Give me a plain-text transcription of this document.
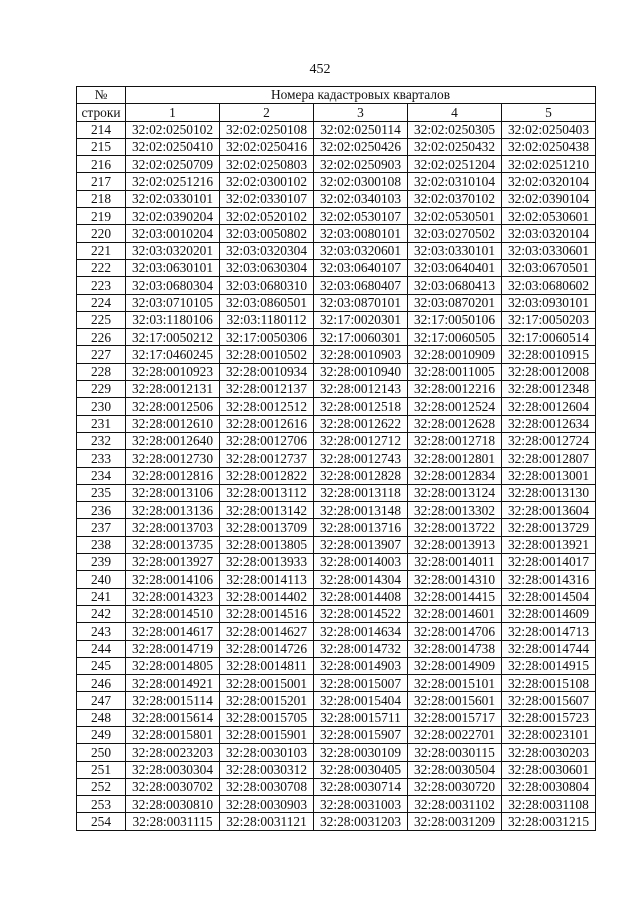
452
№	Номера кадастровых кварталов				
строки	1	2	3	4	5
214	32:02:0250102	32:02:0250108	32:02:0250114	32:02:0250305	32:02:0250403
215	32:02:0250410	32:02:0250416	32:02:0250426	32:02:0250432	32:02:0250438
216	32:02:0250709	32:02:0250803	32:02:0250903	32:02:0251204	32:02:0251210
217	32:02:0251216	32:02:0300102	32:02:0300108	32:02:0310104	32:02:0320104
218	32:02:0330101	32:02:0330107	32:02:0340103	32:02:0370102	32:02:0390104
219	32:02:0390204	32:02:0520102	32:02:0530107	32:02:0530501	32:02:0530601
220	32:03:0010204	32:03:0050802	32:03:0080101	32:03:0270502	32:03:0320104
221	32:03:0320201	32:03:0320304	32:03:0320601	32:03:0330101	32:03:0330601
222	32:03:0630101	32:03:0630304	32:03:0640107	32:03:0640401	32:03:0670501
223	32:03:0680304	32:03:0680310	32:03:0680407	32:03:0680413	32:03:0680602
224	32:03:0710105	32:03:0860501	32:03:0870101	32:03:0870201	32:03:0930101
225	32:03:1180106	32:03:1180112	32:17:0020301	32:17:0050106	32:17:0050203
226	32:17:0050212	32:17:0050306	32:17:0060301	32:17:0060505	32:17:0060514
227	32:17:0460245	32:28:0010502	32:28:0010903	32:28:0010909	32:28:0010915
228	32:28:0010923	32:28:0010934	32:28:0010940	32:28:0011005	32:28:0012008
229	32:28:0012131	32:28:0012137	32:28:0012143	32:28:0012216	32:28:0012348
230	32:28:0012506	32:28:0012512	32:28:0012518	32:28:0012524	32:28:0012604
231	32:28:0012610	32:28:0012616	32:28:0012622	32:28:0012628	32:28:0012634
232	32:28:0012640	32:28:0012706	32:28:0012712	32:28:0012718	32:28:0012724
233	32:28:0012730	32:28:0012737	32:28:0012743	32:28:0012801	32:28:0012807
234	32:28:0012816	32:28:0012822	32:28:0012828	32:28:0012834	32:28:0013001
235	32:28:0013106	32:28:0013112	32:28:0013118	32:28:0013124	32:28:0013130
236	32:28:0013136	32:28:0013142	32:28:0013148	32:28:0013302	32:28:0013604
237	32:28:0013703	32:28:0013709	32:28:0013716	32:28:0013722	32:28:0013729
238	32:28:0013735	32:28:0013805	32:28:0013907	32:28:0013913	32:28:0013921
239	32:28:0013927	32:28:0013933	32:28:0014003	32:28:0014011	32:28:0014017
240	32:28:0014106	32:28:0014113	32:28:0014304	32:28:0014310	32:28:0014316
241	32:28:0014323	32:28:0014402	32:28:0014408	32:28:0014415	32:28:0014504
242	32:28:0014510	32:28:0014516	32:28:0014522	32:28:0014601	32:28:0014609
243	32:28:0014617	32:28:0014627	32:28:0014634	32:28:0014706	32:28:0014713
244	32:28:0014719	32:28:0014726	32:28:0014732	32:28:0014738	32:28:0014744
245	32:28:0014805	32:28:0014811	32:28:0014903	32:28:0014909	32:28:0014915
246	32:28:0014921	32:28:0015001	32:28:0015007	32:28:0015101	32:28:0015108
247	32:28:0015114	32:28:0015201	32:28:0015404	32:28:0015601	32:28:0015607
248	32:28:0015614	32:28:0015705	32:28:0015711	32:28:0015717	32:28:0015723
249	32:28:0015801	32:28:0015901	32:28:0015907	32:28:0022701	32:28:0023101
250	32:28:0023203	32:28:0030103	32:28:0030109	32:28:0030115	32:28:0030203
251	32:28:0030304	32:28:0030312	32:28:0030405	32:28:0030504	32:28:0030601
252	32:28:0030702	32:28:0030708	32:28:0030714	32:28:0030720	32:28:0030804
253	32:28:0030810	32:28:0030903	32:28:0031003	32:28:0031102	32:28:0031108
254	32:28:0031115	32:28:0031121	32:28:0031203	32:28:0031209	32:28:0031215
